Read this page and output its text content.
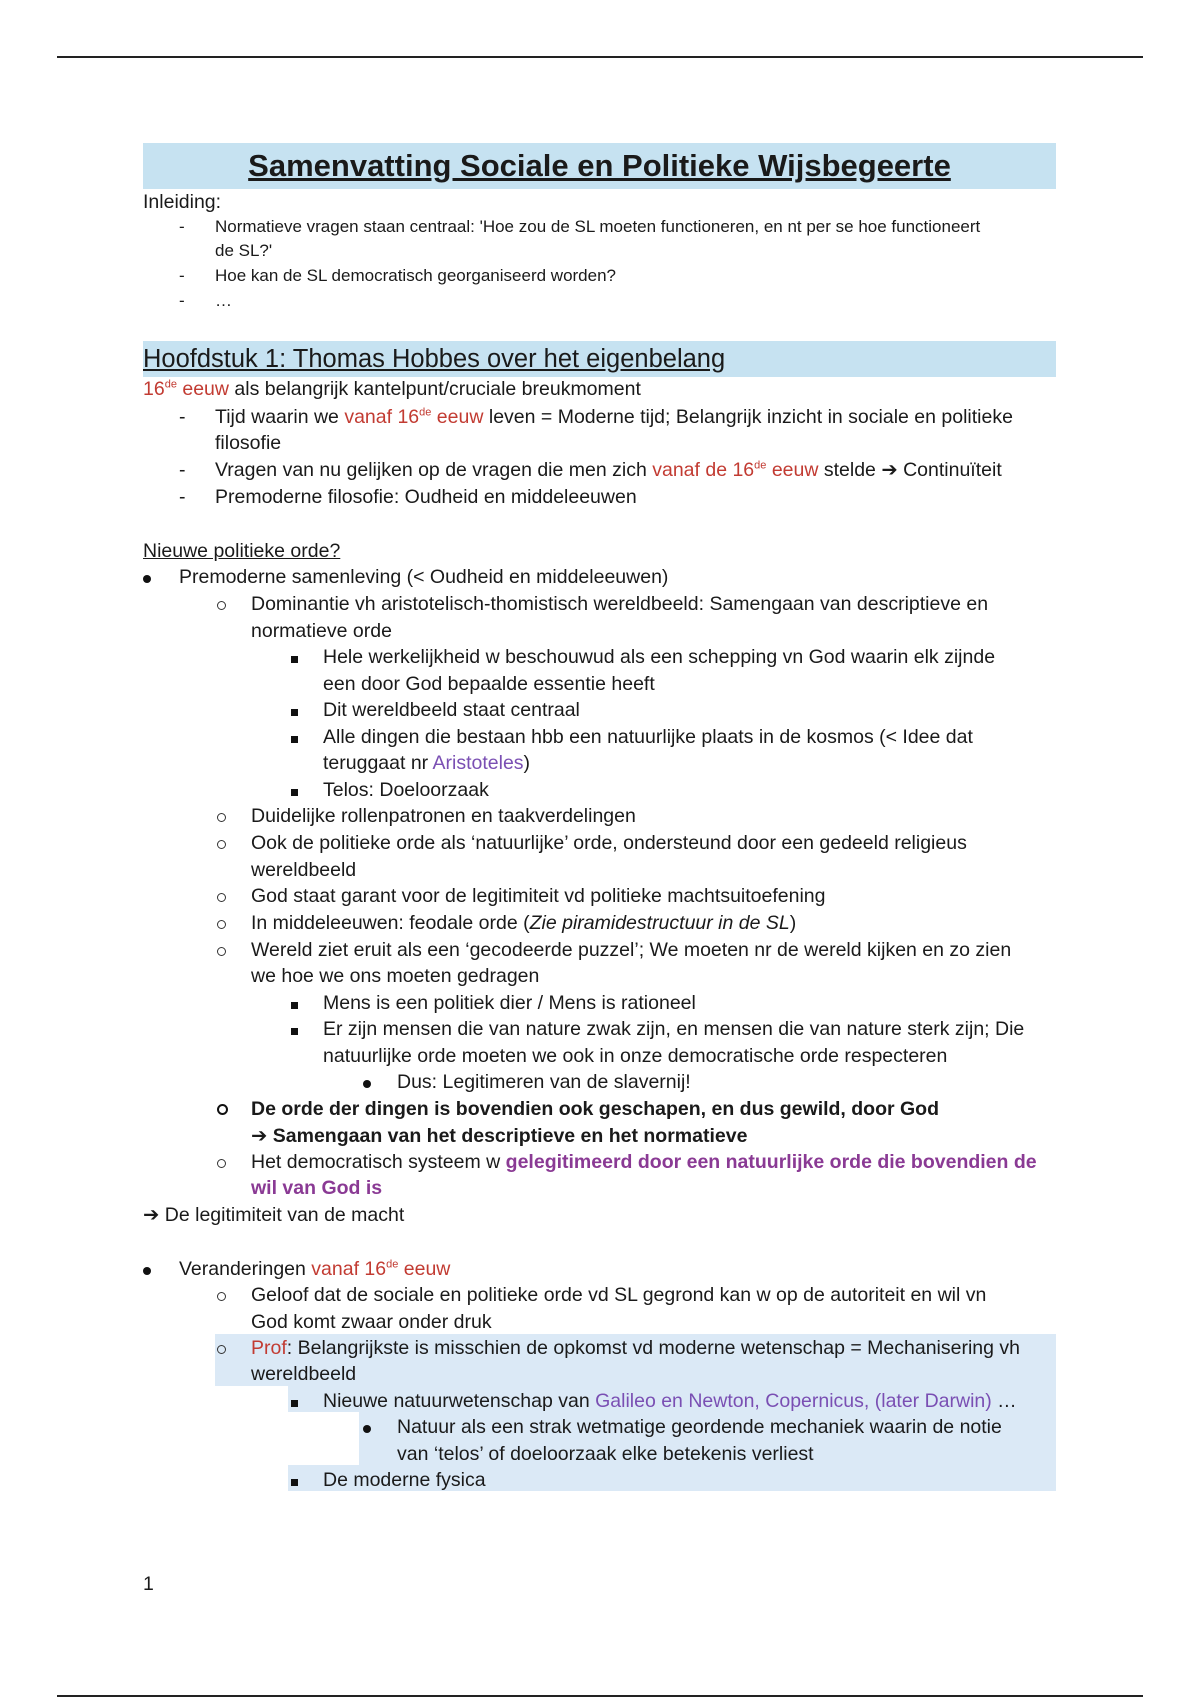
Samenvatting Sociale en Politieke Wijsbegeerte
Inleiding:
- Normatieve vragen staan centraal: 'Hoe zou de SL moeten functioneren, en nt per se hoe functioneert
de SL?'
- Hoe kan de SL democratisch georganiseerd worden?
- …
Hoofdstuk 1: Thomas Hobbes over het eigenbelang
16de eeuw als belangrijk kantelpunt/cruciale breukmoment
- Tijd waarin we vanaf 16de eeuw leven = Moderne tijd; Belangrijk inzicht in sociale en politieke
filosofie
- Vragen van nu gelijken op de vragen die men zich vanaf de 16de eeuw stelde ➔ Continuïteit
- Premoderne filosofie: Oudheid en middeleeuwen
Nieuwe politieke orde?
Premoderne samenleving (< Oudheid en middeleeuwen)
Dominantie vh aristotelisch-thomistisch wereldbeeld: Samengaan van descriptieve en
normatieve orde
Hele werkelijkheid w beschouwud als een schepping vn God waarin elk zijnde
een door God bepaalde essentie heeft
Dit wereldbeeld staat centraal
Alle dingen die bestaan hbb een natuurlijke plaats in de kosmos (< Idee dat
teruggaat nr Aristoteles)
Telos: Doeloorzaak
Duidelijke rollenpatronen en taakverdelingen
Ook de politieke orde als ‘natuurlijke’ orde, ondersteund door een gedeeld religieus
wereldbeeld
God staat garant voor de legitimiteit vd politieke machtsuitoefening
In middeleeuwen: feodale orde (Zie piramidestructuur in de SL)
Wereld ziet eruit als een ‘gecodeerde puzzel’; We moeten nr de wereld kijken en zo zien
we hoe we ons moeten gedragen
Mens is een politiek dier / Mens is rationeel
Er zijn mensen die van nature zwak zijn, en mensen die van nature sterk zijn; Die
natuurlijke orde moeten we ook in onze democratische orde respecteren
Dus: Legitimeren van de slavernij!
De orde der dingen is bovendien ook geschapen, en dus gewild, door God
➔ Samengaan van het descriptieve en het normatieve
Het democratisch systeem w gelegitimeerd door een natuurlijke orde die bovendien de
wil van God is
➔ De legitimiteit van de macht
Veranderingen vanaf 16de eeuw
Geloof dat de sociale en politieke orde vd SL gegrond kan w op de autoriteit en wil vn
God komt zwaar onder druk
Prof: Belangrijkste is misschien de opkomst vd moderne wetenschap = Mechanisering vh
wereldbeeld
Nieuwe natuurwetenschap van Galileo en Newton, Copernicus, (later Darwin) …
Natuur als een strak wetmatige geordende mechaniek waarin de notie
van ‘telos’ of doeloorzaak elke betekenis verliest
De moderne fysica
1
